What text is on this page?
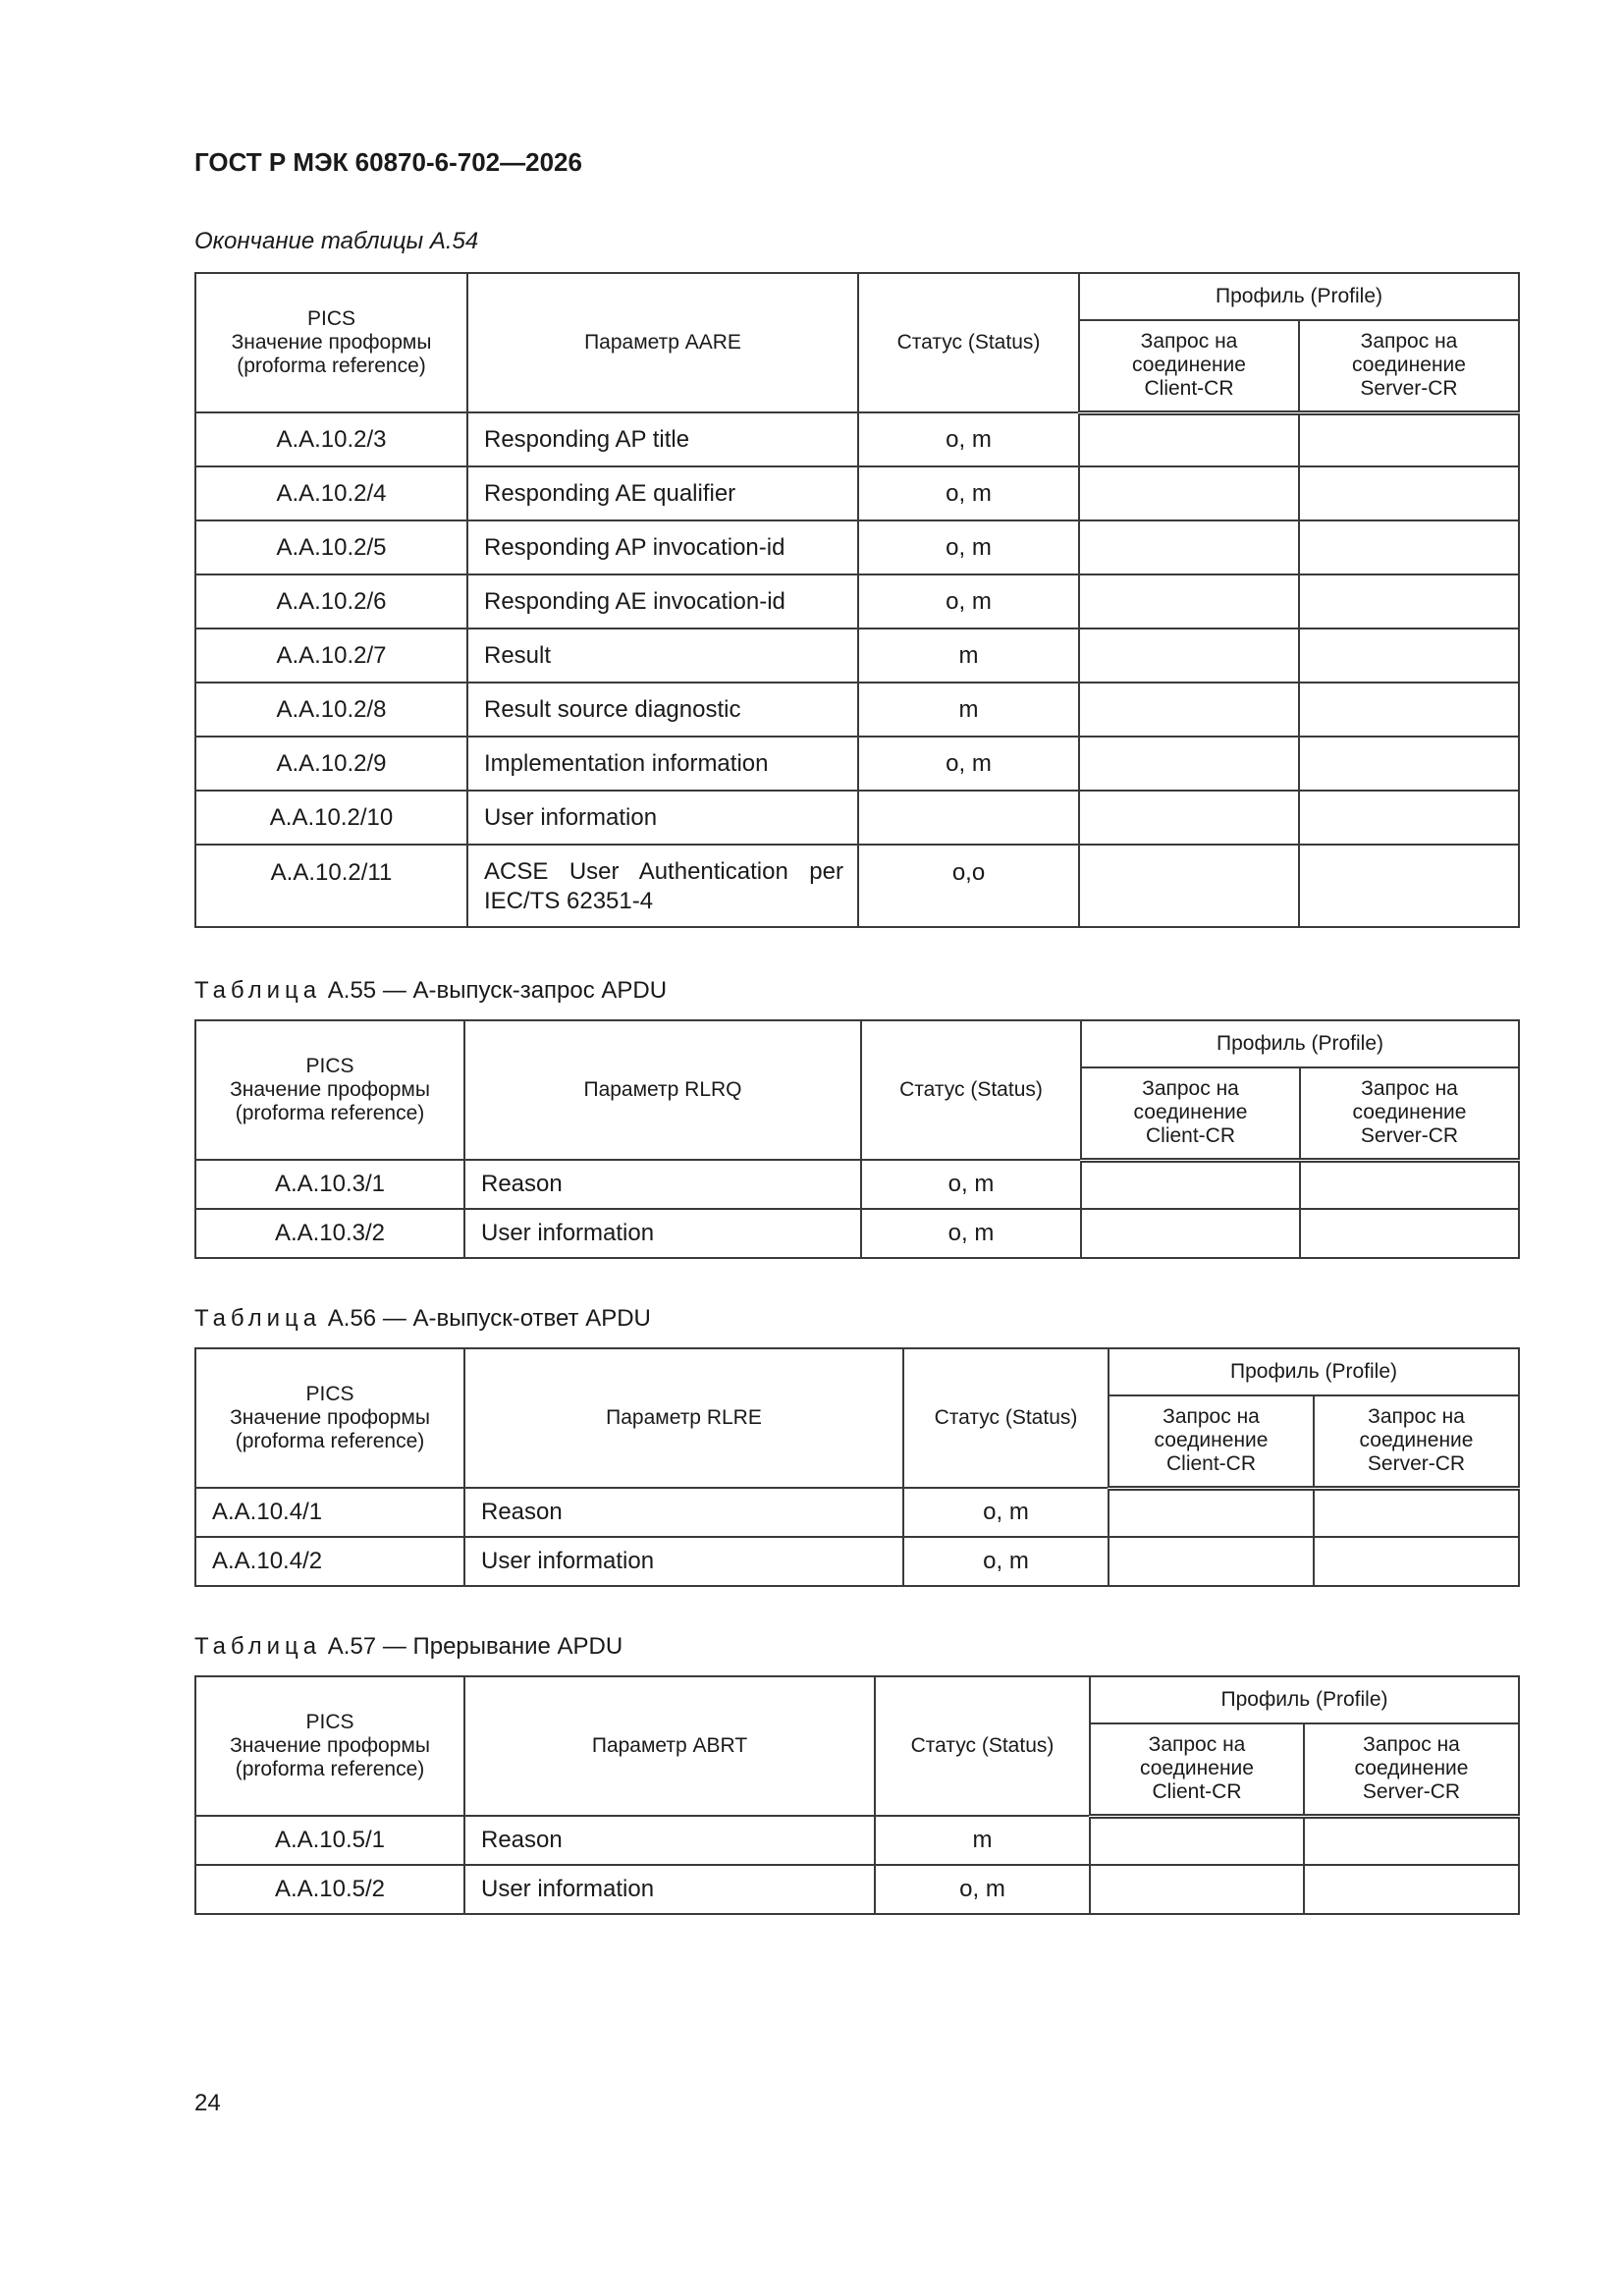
ГОСТ Р МЭК 60870-6-702—2026
Окончание таблицы А.54
PICS
Значение проформы
(proforma reference)	Параметр AARE	Статус (Status)	Профиль (Profile)	
			Запрос на
соединение
Client-CR	Запрос на
соединение
Server-CR
A.A.10.2/3	Responding AP title	o, m		
A.A.10.2/4	Responding AE qualifier	o, m		
A.A.10.2/5	Responding AP invocation-id	o, m		
A.A.10.2/6	Responding AE invocation-id	o, m		
A.A.10.2/7	Result	m		
A.A.10.2/8	Result source diagnostic	m		
A.A.10.2/9	Implementation information	o, m		
A.A.10.2/10	User information			
A.A.10.2/11	ACSE User Authentication per IEC/TS 62351-4	o,o		
Таблица А.55 — А-выпуск-запрос APDU
PICS
Значение проформы
(proforma reference)	Параметр RLRQ	Статус (Status)	Профиль (Profile)	
			Запрос на
соединение
Client-CR	Запрос на
соединение
Server-CR
A.A.10.3/1	Reason	o, m		
A.A.10.3/2	User information	o, m		
Таблица А.56 — А-выпуск-ответ APDU
PICS
Значение проформы
(proforma reference)	Параметр RLRE	Статус (Status)	Профиль (Profile)	
			Запрос на
соединение
Client-CR	Запрос на
соединение
Server-CR
A.A.10.4/1	Reason	o, m		
A.A.10.4/2	User information	o, m		
Таблица А.57 — Прерывание APDU
PICS
Значение проформы
(proforma reference)	Параметр ABRT	Статус (Status)	Профиль (Profile)	
			Запрос на
соединение
Client-CR	Запрос на
соединение
Server-CR
A.A.10.5/1	Reason	m		
A.A.10.5/2	User information	o, m		
24
